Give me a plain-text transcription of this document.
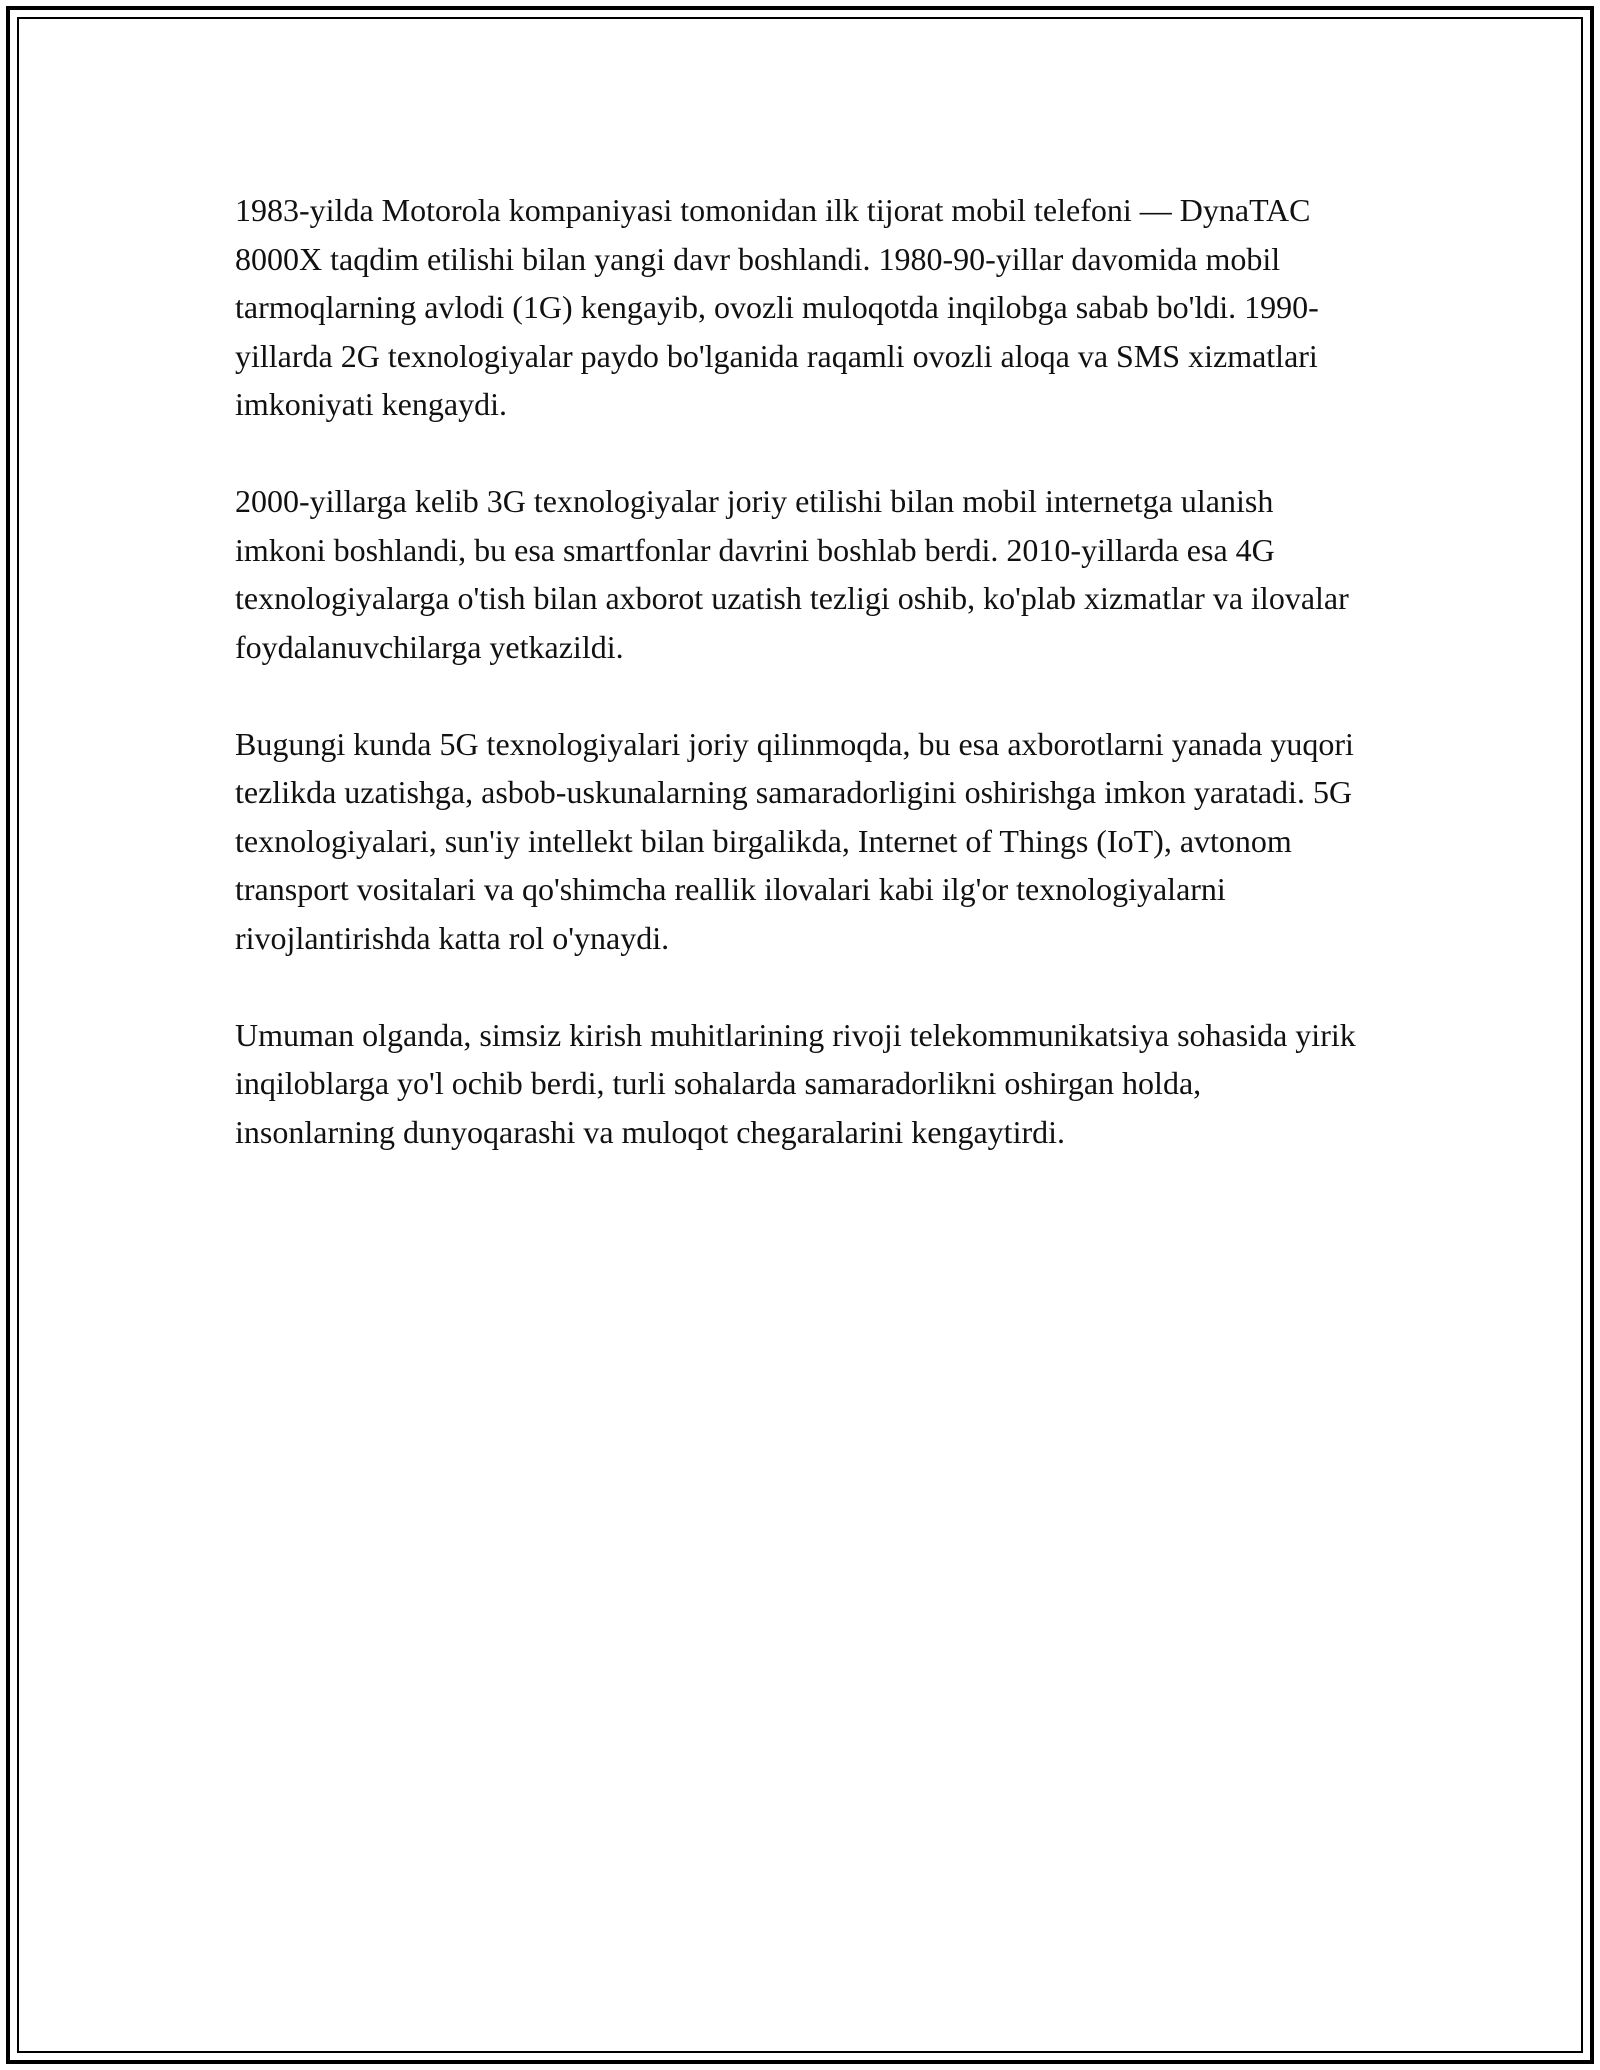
1983-yilda Motorola kompaniyasi tomonidan ilk tijorat mobil telefoni — DynaTAC 8000X taqdim etilishi bilan yangi davr boshlandi. 1980-90-yillar davomida mobil tarmoqlarning avlodi (1G) kengayib, ovozli muloqotda inqilobga sabab bo'ldi. 1990-yillarda 2G texnologiyalar paydo bo'lganida raqamli ovozli aloqa va SMS xizmatlari imkoniyati kengaydi.

2000-yillarga kelib 3G texnologiyalar joriy etilishi bilan mobil internetga ulanish imkoni boshlandi, bu esa smartfonlar davrini boshlab berdi. 2010-yillarda esa 4G texnologiyalarga o'tish bilan axborot uzatish tezligi oshib, ko'plab xizmatlar va ilovalar foydalanuvchilarga yetkazildi.

Bugungi kunda 5G texnologiyalari joriy qilinmoqda, bu esa axborotlarni yanada yuqori tezlikda uzatishga, asbob-uskunalarning samaradorligini oshirishga imkon yaratadi. 5G texnologiyalari, sun'iy intellekt bilan birgalikda, Internet of Things (IoT), avtonom transport vositalari va qo'shimcha reallik ilovalari kabi ilg'or texnologiyalarni rivojlantirishda katta rol o'ynaydi.

Umuman olganda, simsiz kirish muhitlarining rivoji telekommunikatsiya sohasida yirik inqiloblarga yo'l ochib berdi, turli sohalarda samaradorlikni oshirgan holda, insonlarning dunyoqarashi va muloqot chegaralarini kengaytirdi.
